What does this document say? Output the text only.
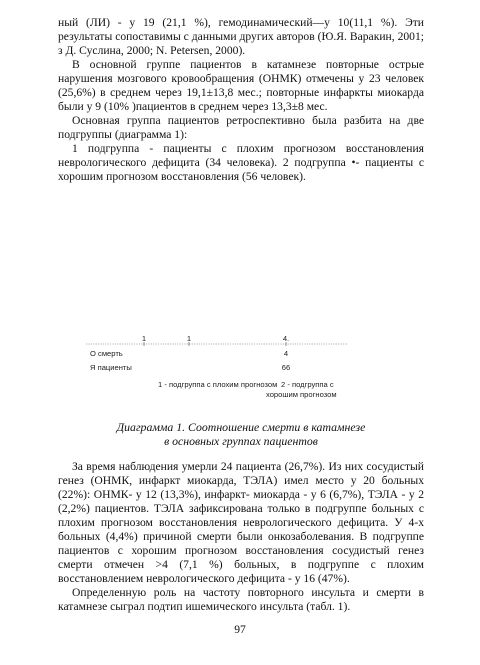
ный (ЛИ) - у 19 (21,1 %), гемодинамический—у 10(11,1 %). Эти результаты сопоставимы с данными других авторов (Ю.Я. Варакин, 2001; з Д. Суслина, 2000; N. Petersen, 2000).

В основной группе пациентов в катамнезе повторные острые нарушения мозгового кровообращения (ОНМК) отмечены у 23 человек (25,6%) в среднем через 19,1±13,8 мес.; повторные инфаркты миокарда были у 9 (10% )пациентов в среднем через 13,3±8 мес.

Основная группа пациентов ретроспективно была разбита на две подгруппы (диаграмма 1):

1 подгруппа - пациенты с плохим прогнозом восстановления неврологического дефицита (34 человека). 2 подгруппа •- пациенты с хорошим прогнозом восстановления (56 человек).

1	1	4.
О смерть	4
Я пациенты	66
1 - подгруппа с плохим прогнозом 2 - подгруппа с
хорошим прогнозом
Диаграмма 1. Соотношение смерти в катамнезе
в основных группах пациентов

За время наблюдения умерли 24 пациента (26,7%). Из них сосудистый генез (ОНМК, инфаркт миокарда, ТЭЛА) имел место у 20 больных (22%): ОНМК- у 12 (13,3%), инфаркт- миокарда - у 6 (6,7%), ТЭЛА - у 2 (2,2%) пациентов. ТЭЛА зафиксирована только в подгруппе больных с плохим прогнозом восстановления неврологического дефицита. У 4-х больных (4,4%) причиной смерти были онкозаболевания. В подгруппе пациентов с хорошим прогнозом восстановления сосудистый генез смерти отмечен >4 (7,1 %) больных, в подгруппе с плохим восстановлением неврологического дефицита - у 16 (47%).

Определенную роль на частоту повторного инсульта и смерти в катамнезе сыграл подтип ишемического инсульта (табл. 1).

97
